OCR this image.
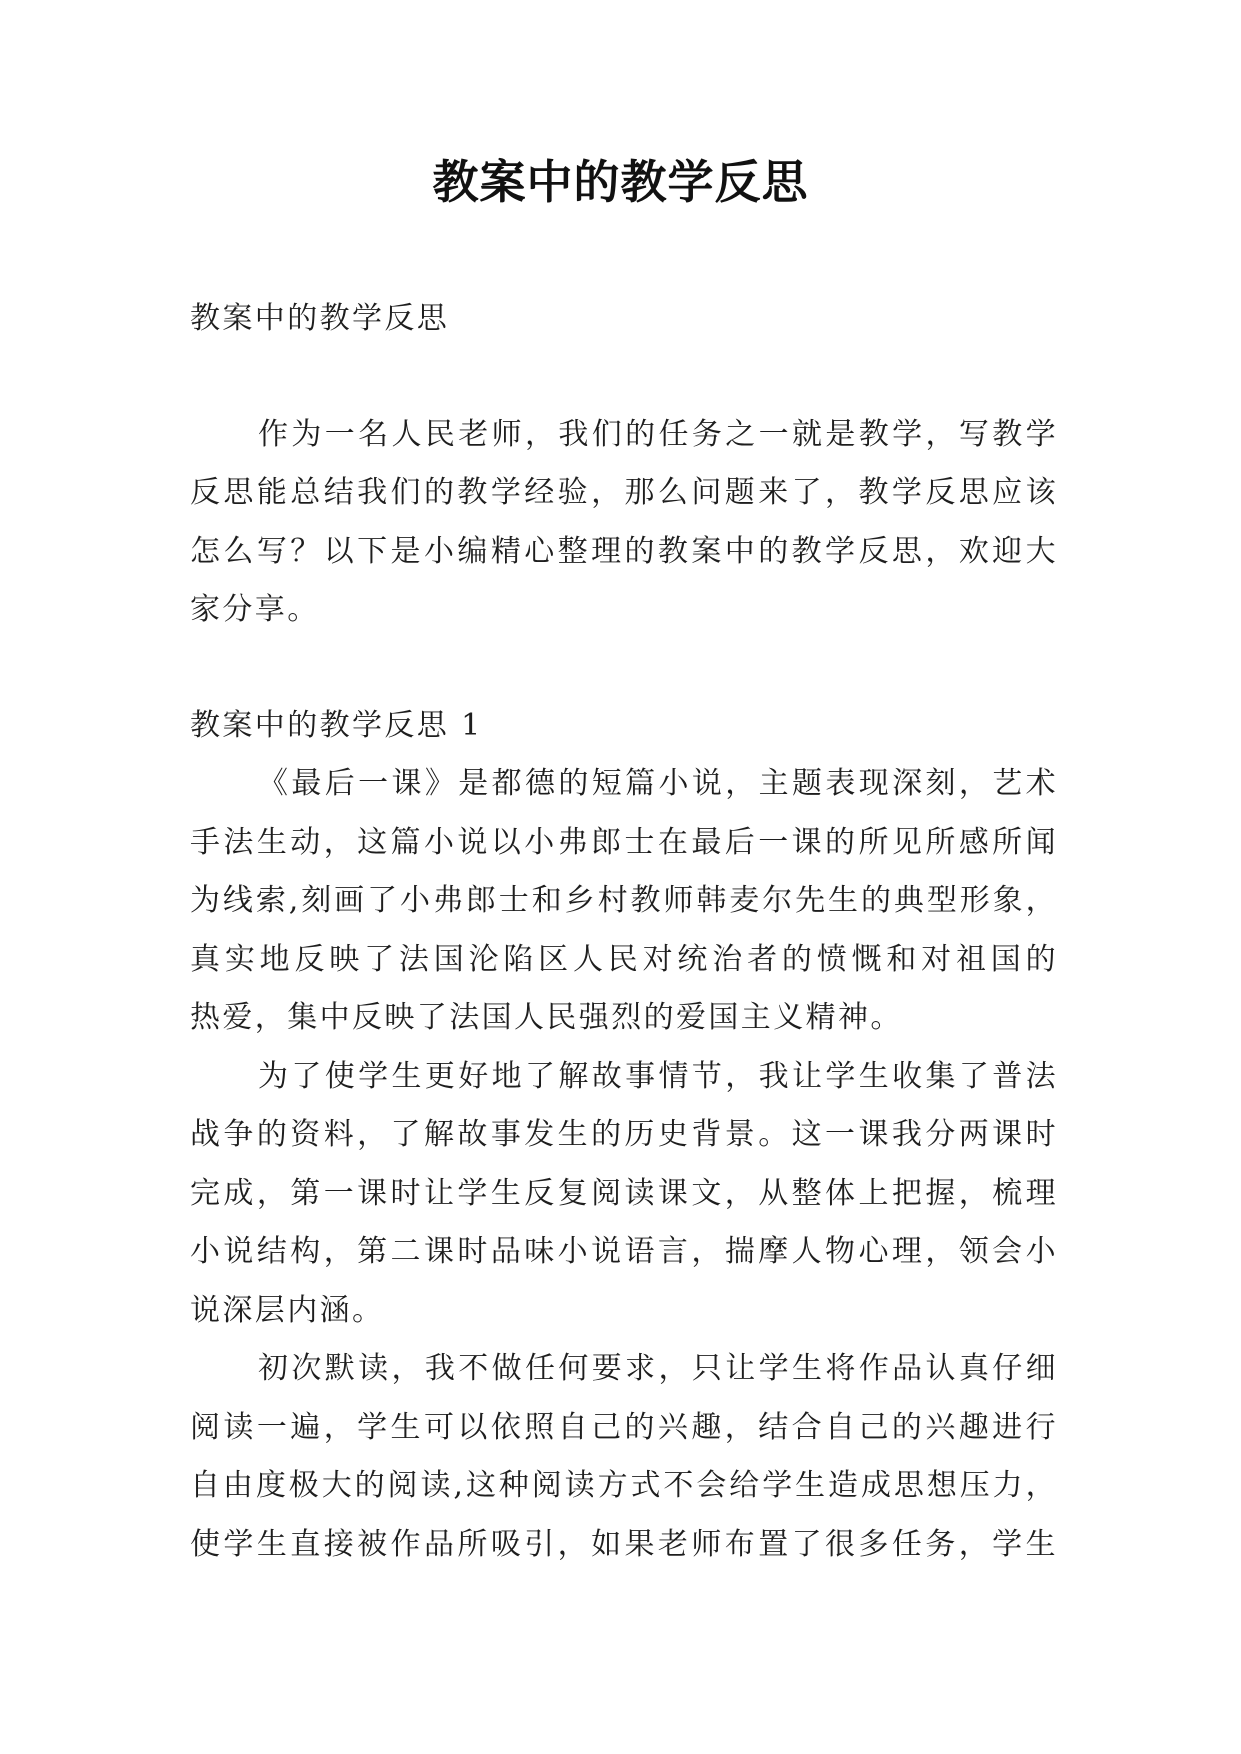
教案中的教学反思
教案中的教学反思
作为一名人民老师，我们的任务之一就是教学，写教学
反思能总结我们的教学经验，那么问题来了，教学反思应该
怎么写？以下是小编精心整理的教案中的教学反思，欢迎大
家分享。
教案中的教学反思 1
《最后一课》是都德的短篇小说，主题表现深刻，艺术
手法生动，这篇小说以小弗郎士在最后一课的所见所感所闻
为线索,刻画了小弗郎士和乡村教师韩麦尔先生的典型形象，
真实地反映了法国沦陷区人民对统治者的愤慨和对祖国的
热爱，集中反映了法国人民强烈的爱国主义精神。
为了使学生更好地了解故事情节，我让学生收集了普法
战争的资料，了解故事发生的历史背景。这一课我分两课时
完成，第一课时让学生反复阅读课文，从整体上把握，梳理
小说结构，第二课时品味小说语言，揣摩人物心理，领会小
说深层内涵。
初次默读，我不做任何要求，只让学生将作品认真仔细
阅读一遍，学生可以依照自己的兴趣，结合自己的兴趣进行
自由度极大的阅读,这种阅读方式不会给学生造成思想压力，
使学生直接被作品所吸引，如果老师布置了很多任务，学生
